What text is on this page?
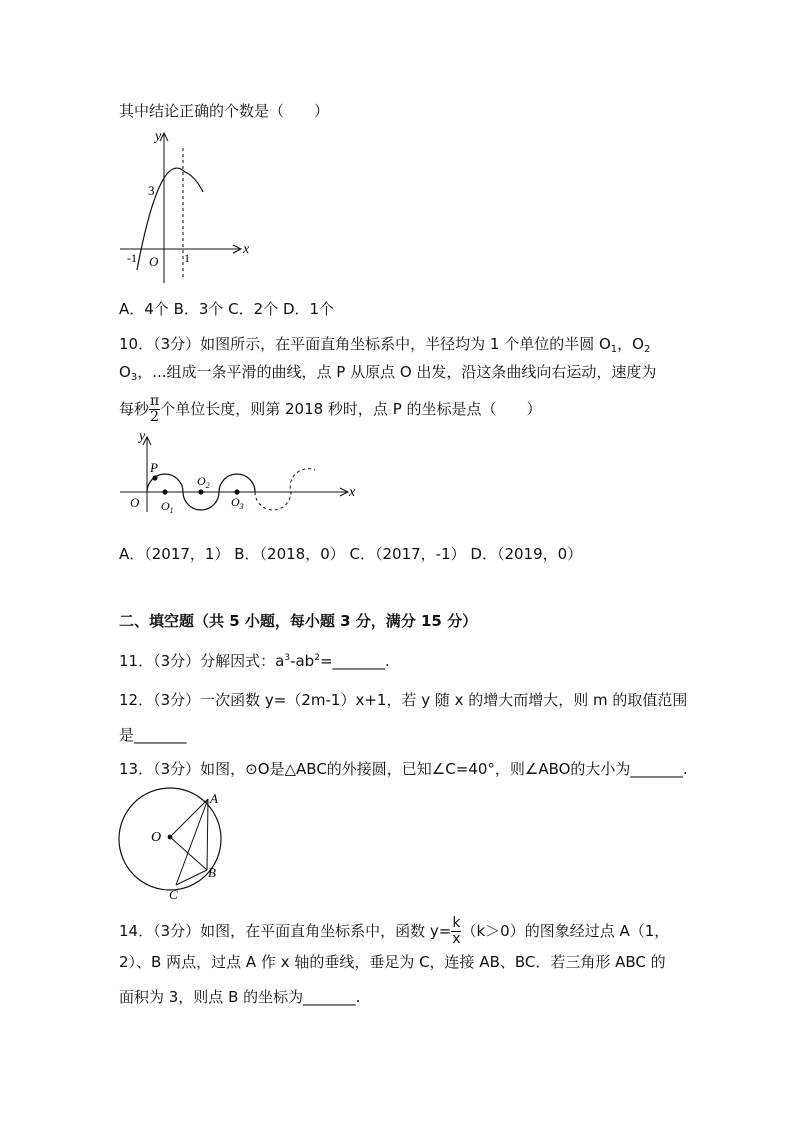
其中结论正确的个数是（　　）
y
x
O
-1	1
3
A．4个 B．3个 C．2个 D．1个
10．（3分）如图所示，在平面直角坐标系中，半径均为 1 个单位的半圆 $O_1$，$O_2$
$O_3$，...组成一条平滑的曲线，点 P 从原点 O 出发，沿这条曲线向右运动，速度为
每秒 $\frac{\pi}{2}$ 个单位长度，则第 2018 秒时，点 P 的坐标是点（　　）
y
x
O
P
$O_1$
$O_2$
$O_3$
A．（2017，1） B．（2018，0） C．（2017，-1） D．（2019，0）
二、填空题（共 5 小题，每小题 3 分，满分 15 分）
11．（3分）分解因式：$a^3-ab^2=\_\_\_\_\_\_\_$.
12．（3分）一次函数 y=（2m-1）x+1，若 y 随 x 的增大而增大，则 m 的取值范围
是_______
13．（3分）如图，⊙O是△ABC的外接圆，已知∠C=40°，则∠ABO的大小为_______.
O
A
B
C
14．（3分）如图，在平面直角坐标系中，函数 $y= \frac{k}{x} (k>0)$的图象经过点 A（1，
2）、B 两点，过点 A 作 x 轴的垂线，垂足为 C，连接 AB、BC．若三角形 ABC 的
面积为 3，则点 B 的坐标为_______.
